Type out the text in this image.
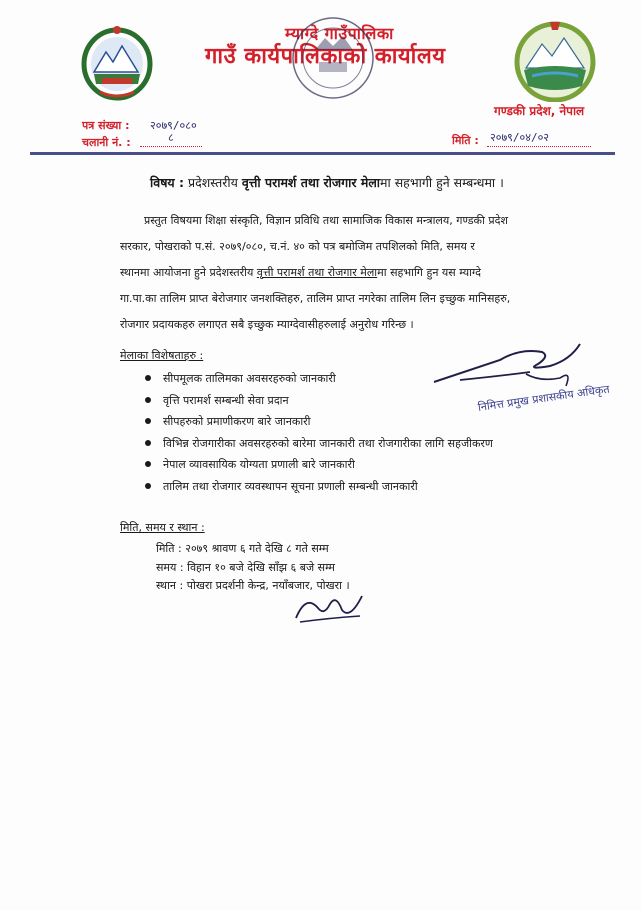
म्याग्दे गाउँपालिका
गाउँ कार्यपालिकाको कार्यालय
गण्डकी प्रदेश, नेपाल
पत्र संख्या : २०७९/०८०
चलानी नं. :	८	मिति : २०७९/०४/०२
विषय : प्रदेशस्तरीय वृत्ती परामर्श तथा रोजगार मेलामा सहभागी हुने सम्बन्धमा ।
प्रस्तुत विषयमा शिक्षा संस्कृति, विज्ञान प्रविधि तथा सामाजिक विकास मन्त्रालय, गण्डकी प्रदेश
सरकार, पोखराको प.सं. २०७९/०८०, च.नं. ४० को पत्र बमोजिम तपशिलको मिति, समय र
स्थानमा आयोजना हुने प्रदेशस्तरीय वृत्ती परामर्श तथा रोजगार मेलामा सहभागि हुन यस म्याग्दे
गा.पा.का तालिम प्राप्त बेरोजगार जनशक्तिहरु, तालिम प्राप्त नगरेका तालिम लिन इच्छुक मानिसहरु,
रोजगार प्रदायकहरु लगाएत सबै इच्छुक म्याग्देवासीहरुलाई अनुरोध गरिन्छ ।
मेलाका विशेषताहरु :
सीपमूलक तालिमका अवसरहरुको जानकारी
वृत्ति परामर्श सम्बन्धी सेवा प्रदान
सीपहरुको प्रमाणीकरण बारे जानकारी
विभिन्न रोजगारीका अवसरहरुको बारेमा जानकारी तथा रोजगारीका लागि सहजीकरण
नेपाल व्यावसायिक योग्यता प्रणाली बारे जानकारी
तालिम तथा रोजगार व्यवस्थापन सूचना प्रणाली सम्बन्धी जानकारी
निमित्त प्रमुख प्रशासकीय अधिकृत
मिति, समय र स्थान :
मिति : २०७९ श्रावण ६ गते देखि ८ गते सम्म
समय : विहान १० बजे देखि साँझ ६ बजे सम्म
स्थान : पोखरा प्रदर्शनी केन्द्र, नयाँबजार, पोखरा ।
